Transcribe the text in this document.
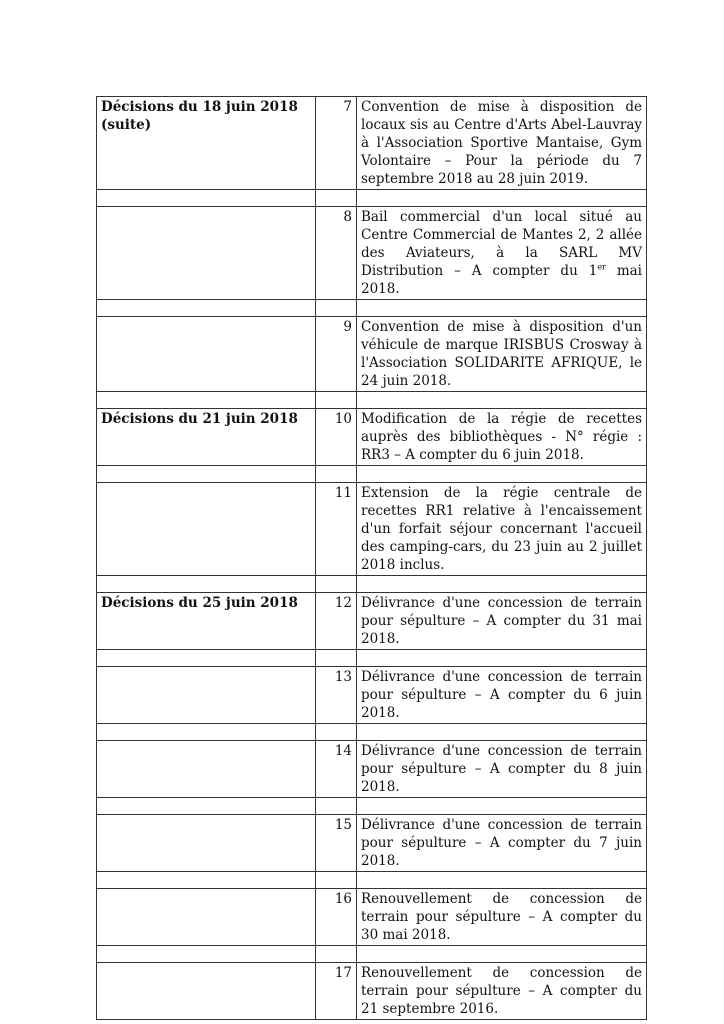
Décisions du 18 juin 2018 (suite)	7	Convention de mise à disposition de locaux sis au Centre d'Arts Abel-Lauvray à l'Association Sportive Mantaise, Gym Volontaire – Pour la période du 7 septembre 2018 au 28 juin 2019.

	8	Bail commercial d'un local situé au Centre Commercial de Mantes 2, 2 allée des Aviateurs, à la SARL MV Distribution – A compter du 1er mai 2018.

	9	Convention de mise à disposition d'un véhicule de marque IRISBUS Crosway à l'Association SOLIDARITE AFRIQUE, le 24 juin 2018.

Décisions du 21 juin 2018	10	Modification de la régie de recettes auprès des bibliothèques - N° régie : RR3 – A compter du 6 juin 2018.

	11	Extension de la régie centrale de recettes RR1 relative à l'encaissement d'un forfait séjour concernant l'accueil des camping-cars, du 23 juin au 2 juillet 2018 inclus.

Décisions du 25 juin 2018	12	Délivrance d'une concession de terrain pour sépulture – A compter du 31 mai 2018.

	13	Délivrance d'une concession de terrain pour sépulture – A compter du 6 juin 2018.

	14	Délivrance d'une concession de terrain pour sépulture – A compter du 8 juin 2018.

	15	Délivrance d'une concession de terrain pour sépulture – A compter du 7 juin 2018.

	16	Renouvellement de concession de terrain pour sépulture – A compter du 30 mai 2018.

	17	Renouvellement de concession de terrain pour sépulture – A compter du 21 septembre 2016.
